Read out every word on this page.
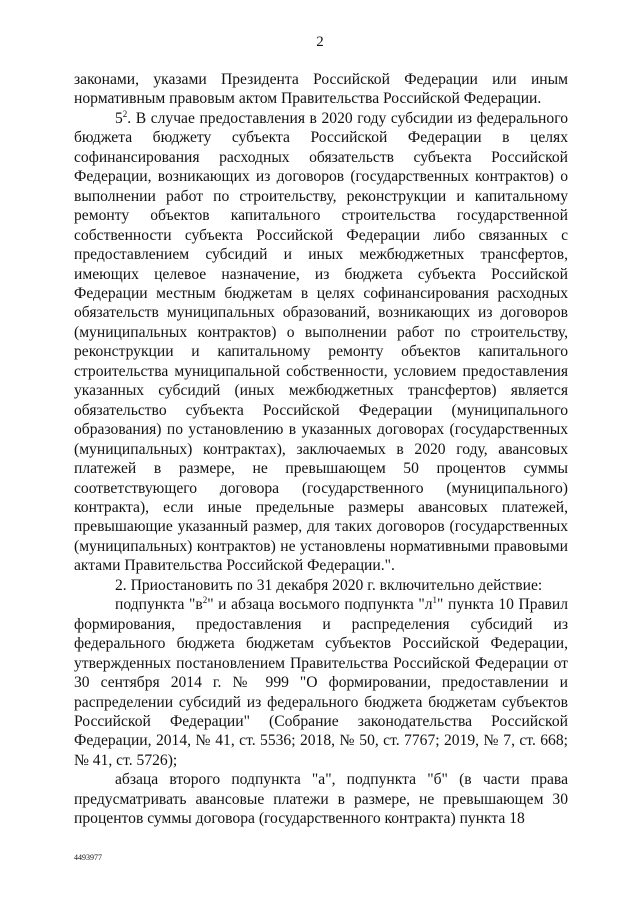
2

законами, указами Президента Российской Федерации или иным нормативным правовым актом Правительства Российской Федерации.

$5^2$. В случае предоставления в 2020 году субсидии из федерального бюджета бюджету субъекта Российской Федерации в целях софинансирования расходных обязательств субъекта Российской Федерации, возникающих из договоров (государственных контрактов) о выполнении работ по строительству, реконструкции и капитальному ремонту объектов капитального строительства государственной собственности субъекта Российской Федерации либо связанных с предоставлением субсидий и иных межбюджетных трансфертов, имеющих целевое назначение, из бюджета субъекта Российской Федерации местным бюджетам в целях софинансирования расходных обязательств муниципальных образований, возникающих из договоров (муниципальных контрактов) о выполнении работ по строительству, реконструкции и капитальному ремонту объектов капитального строительства муниципальной собственности, условием предоставления указанных субсидий (иных межбюджетных трансфертов) является обязательство субъекта Российской Федерации (муниципального образования) по установлению в указанных договорах (государственных (муниципальных) контрактах), заключаемых в 2020 году, авансовых платежей в размере, не превышающем 50 процентов суммы соответствующего договора (государственного (муниципального) контракта), если иные предельные размеры авансовых платежей, превышающие указанный размер, для таких договоров (государственных (муниципальных) контрактов) не установлены нормативными правовыми актами Правительства Российской Федерации.".

2. Приостановить по 31 декабря 2020 г. включительно действие:

подпункта "$в^2$" и абзаца восьмого подпункта "$л^1$" пункта 10 Правил формирования, предоставления и распределения субсидий из федерального бюджета бюджетам субъектов Российской Федерации, утвержденных постановлением Правительства Российской Федерации от 30 сентября 2014 г. № 999 "О формировании, предоставлении и распределении субсидий из федерального бюджета бюджетам субъектов Российской Федерации" (Собрание законодательства Российской Федерации, 2014, № 41, ст. 5536; 2018, № 50, ст. 7767; 2019, № 7, ст. 668; № 41, ст. 5726);

абзаца второго подпункта "а", подпункта "б" (в части права предусматривать авансовые платежи в размере, не превышающем 30 процентов суммы договора (государственного контракта) пункта 18

4493977
